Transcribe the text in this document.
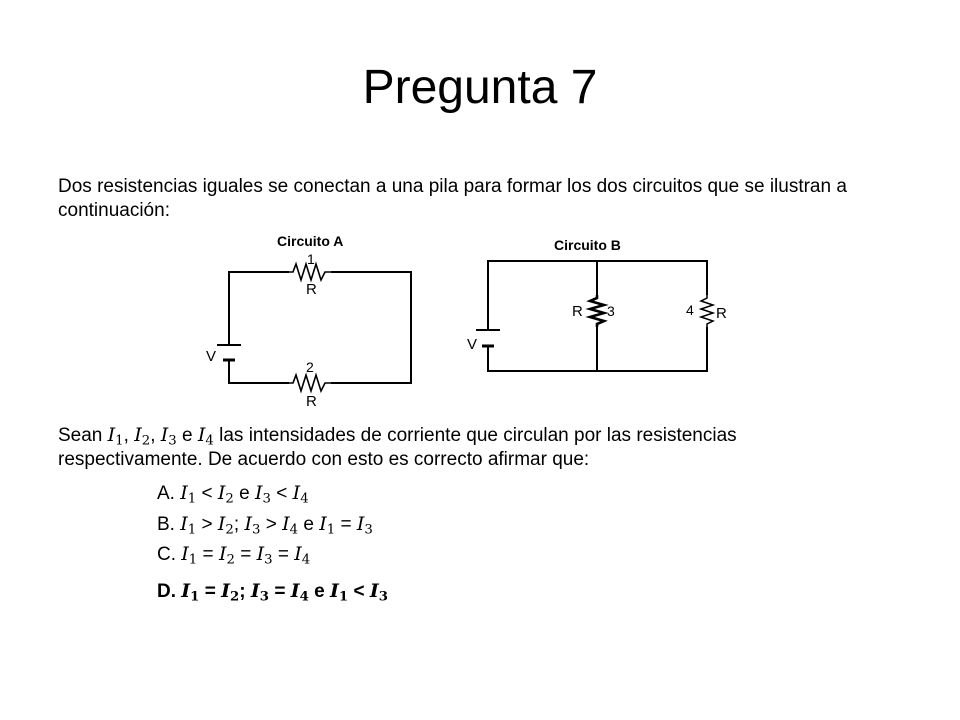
Pregunta 7
Dos resistencias iguales se conectan a una pila para formar los dos circuitos que se ilustran a continuación:
Circuito A
1
R
2
R
V
Circuito B
R 3	4 R
V
Sean $I_1$, $I_2$, $I_3$ e $I_4$ las intensidades de corriente que circulan por las resistencias respectivamente. De acuerdo con esto es correcto afirmar que:
A. $I_1 < I_2$ e $I_3 < I_4$
B. $I_1 > I_2$; $I_3 > I_4$ e $I_1 = I_3$
C. $I_1 = I_2 = I_3 = I_4$
D. $I_1 = I_2$; $I_3 = I_4$ e $I_1 < I_3$
